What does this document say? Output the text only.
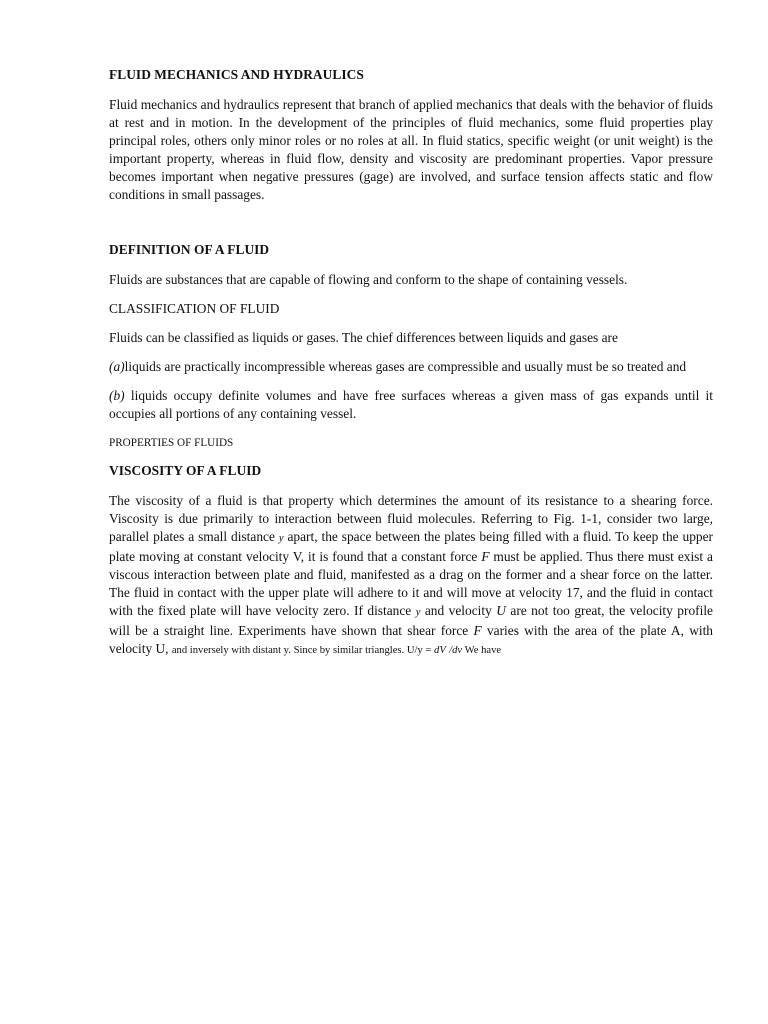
FLUID MECHANICS AND HYDRAULICS

Fluid mechanics and hydraulics represent that branch of applied mechanics that deals with the behavior of fluids at rest and in motion. In the development of the principles of fluid mechanics, some fluid properties play principal roles, others only minor roles or no roles at all. In fluid statics, specific weight (or unit weight) is the important property, whereas in fluid flow, density and viscosity are predominant properties. Vapor pressure becomes important when negative pressures (gage) are involved, and surface tension affects static and flow conditions in small passages.

DEFINITION OF A FLUID

Fluids are substances that are capable of flowing and conform to the shape of containing vessels.

CLASSIFICATION OF FLUID

Fluids can be classified as liquids or gases. The chief differences between liquids and gases are

(a)liquids are practically incompressible whereas gases are compressible and usually must be so treated and

(b) liquids occupy definite volumes and have free surfaces whereas a given mass of gas expands until it occupies all portions of any containing vessel.

PROPERTIES OF FLUIDS
VISCOSITY OF A FLUID

The viscosity of a fluid is that property which determines the amount of its resistance to a shearing force. Viscosity is due primarily to interaction between fluid molecules. Referring to Fig. 1-1, consider two large, parallel plates a small distance y apart, the space between the plates being filled with a fluid. To keep the upper plate moving at constant velocity V, it is found that a constant force F must be applied. Thus there must exist a viscous interaction between plate and fluid, manifested as a drag on the former and a shear force on the latter. The fluid in contact with the upper plate will adhere to it and will move at velocity 17, and the fluid in contact with the fixed plate will have velocity zero. If distance y and velocity U are not too great, the velocity profile will be a straight line. Experiments have shown that shear force F varies with the area of the plate A, with velocity U, and inversely with distant y. Since by similar triangles. U/y = dV /dv We have
